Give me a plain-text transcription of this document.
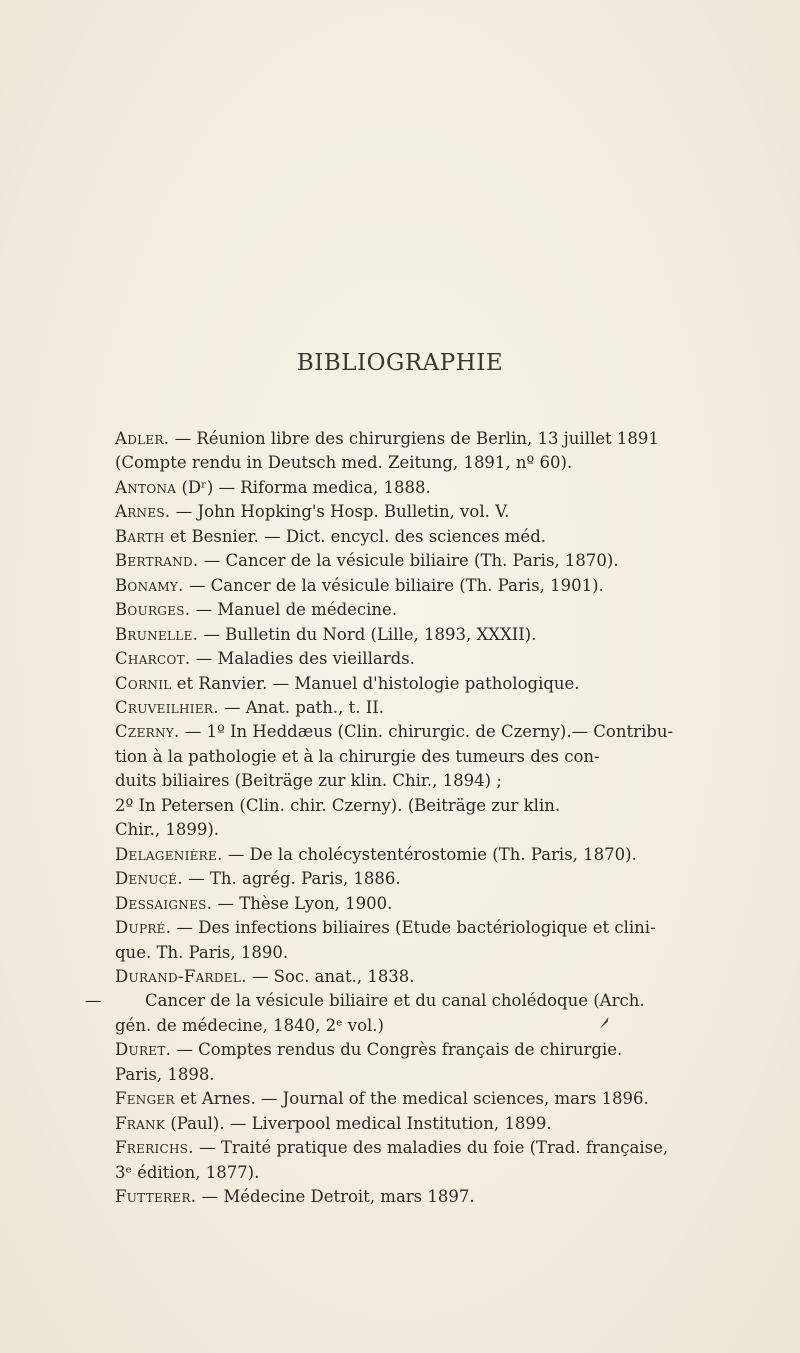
BIBLIOGRAPHIE
Adler. — Réunion libre des chirurgiens de Berlin, 13 juillet 1891
(Compte rendu in Deutsch med. Zeitung, 1891, nº 60).
Antona (Dʳ) — Riforma medica, 1888.
Arnes. — John Hopking's Hosp. Bulletin, vol. V.
Barth et Besnier. — Dict. encycl. des sciences méd.
Bertrand. — Cancer de la vésicule biliaire (Th. Paris, 1870).
Bonamy. — Cancer de la vésicule biliaire (Th. Paris, 1901).
Bourges. — Manuel de médecine.
Brunelle. — Bulletin du Nord (Lille, 1893, XXXII).
Charcot. — Maladies des vieillards.
Cornil et Ranvier. — Manuel d'histologie pathologique.
Cruveilhier. — Anat. path., t. II.
Czerny. — 1º In Heddæus (Clin. chirurgic. de Czerny).— Contribu-
tion à la pathologie et à la chirurgie des tumeurs des con-
duits biliaires (Beiträge zur klin. Chir., 1894) ;
2º In Petersen (Clin. chir. Czerny). (Beiträge zur klin.
Chir., 1899).
Delagenière. — De la cholécystentérostomie (Th. Paris, 1870).
Denucé. — Th. agrég. Paris, 1886.
Dessaignes. — Thèse Lyon, 1900.
Dupré. — Des infections biliaires (Etude bactériologique et clini-
que. Th. Paris, 1890.
Durand-Fardel. — Soc. anat., 1838.
—	Cancer de la vésicule biliaire et du canal cholédoque (Arch.
gén. de médecine, 1840, 2ᵉ vol.)
Duret. — Comptes rendus du Congrès français de chirurgie.
Paris, 1898.
Fenger et Arnes. — Journal of the medical sciences, mars 1896.
Frank (Paul). — Liverpool medical Institution, 1899.
Frerichs. — Traité pratique des maladies du foie (Trad. française,
3ᵉ édition, 1877).
Futterer. — Médecine Detroit, mars 1897.
